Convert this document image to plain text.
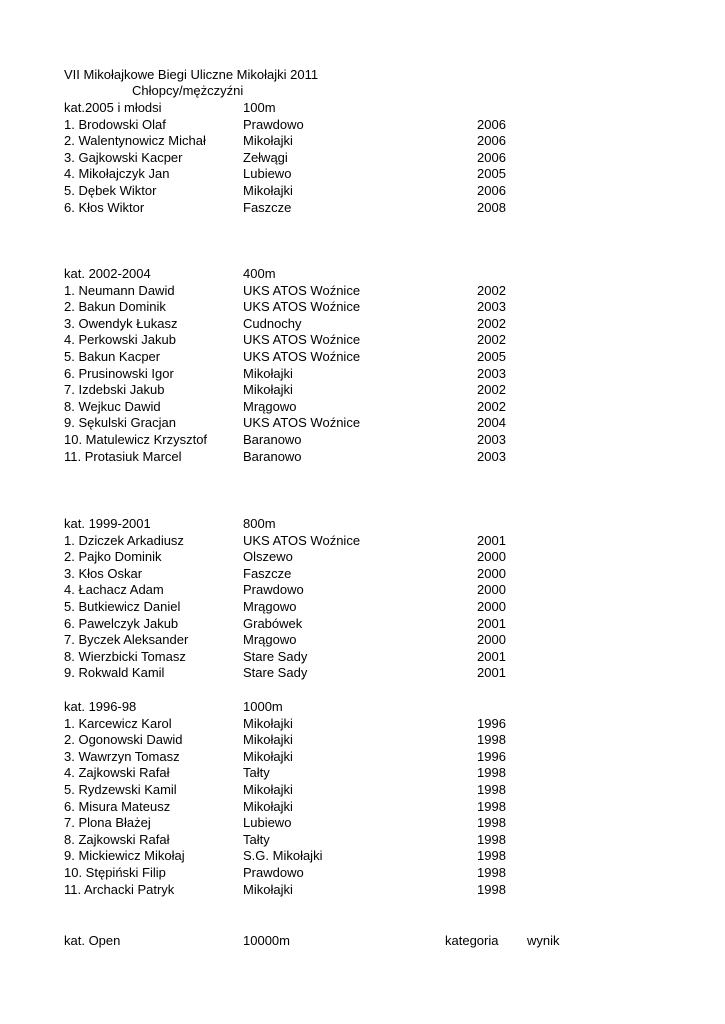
VII Mikołajkowe Biegi Uliczne Mikołajki 2011
Chłopcy/mężczyźni
kat.2005 i młodsi	100m
1. Brodowski Olaf	Prawdowo	2006
2. Walentynowicz Michał	Mikołajki	2006
3. Gajkowski Kacper	Zełwągi	2006
4. Mikołajczyk Jan	Lubiewo	2005
5. Dębek Wiktor	Mikołajki	2006
6. Kłos Wiktor	Faszcze	2008
kat. 2002-2004	400m
1. Neumann Dawid	UKS ATOS Woźnice	2002
2. Bakun Dominik	UKS ATOS Woźnice	2003
3. Owendyk Łukasz	Cudnochy	2002
4. Perkowski Jakub	UKS ATOS Woźnice	2002
5. Bakun Kacper	UKS ATOS Woźnice	2005
6. Prusinowski Igor	Mikołajki	2003
7. Izdebski Jakub	Mikołajki	2002
8. Wejkuc Dawid	Mrągowo	2002
9. Sękulski Gracjan	UKS ATOS Woźnice	2004
10. Matulewicz Krzysztof	Baranowo	2003
11. Protasiuk Marcel	Baranowo	2003
kat. 1999-2001	800m
1. Dziczek Arkadiusz	UKS ATOS Woźnice	2001
2. Pajko Dominik	Olszewo	2000
3. Kłos Oskar	Faszcze	2000
4. Łachacz Adam	Prawdowo	2000
5. Butkiewicz Daniel	Mrągowo	2000
6. Pawelczyk Jakub	Grabówek	2001
7. Byczek Aleksander	Mrągowo	2000
8. Wierzbicki Tomasz	Stare Sady	2001
9. Rokwald Kamil	Stare Sady	2001
kat. 1996-98	1000m
1. Karcewicz Karol	Mikołajki	1996
2. Ogonowski Dawid	Mikołajki	1998
3. Wawrzyn Tomasz	Mikołajki	1996
4. Zajkowski Rafał	Tałty	1998
5. Rydzewski Kamil	Mikołajki	1998
6. Misura Mateusz	Mikołajki	1998
7. Plona Błażej	Lubiewo	1998
8. Zajkowski Rafał	Tałty	1998
9. Mickiewicz Mikołaj	S.G. Mikołajki	1998
10. Stępiński Filip	Prawdowo	1998
11. Archacki Patryk	Mikołajki	1998
kat. Open	10000m	kategoria wynik
